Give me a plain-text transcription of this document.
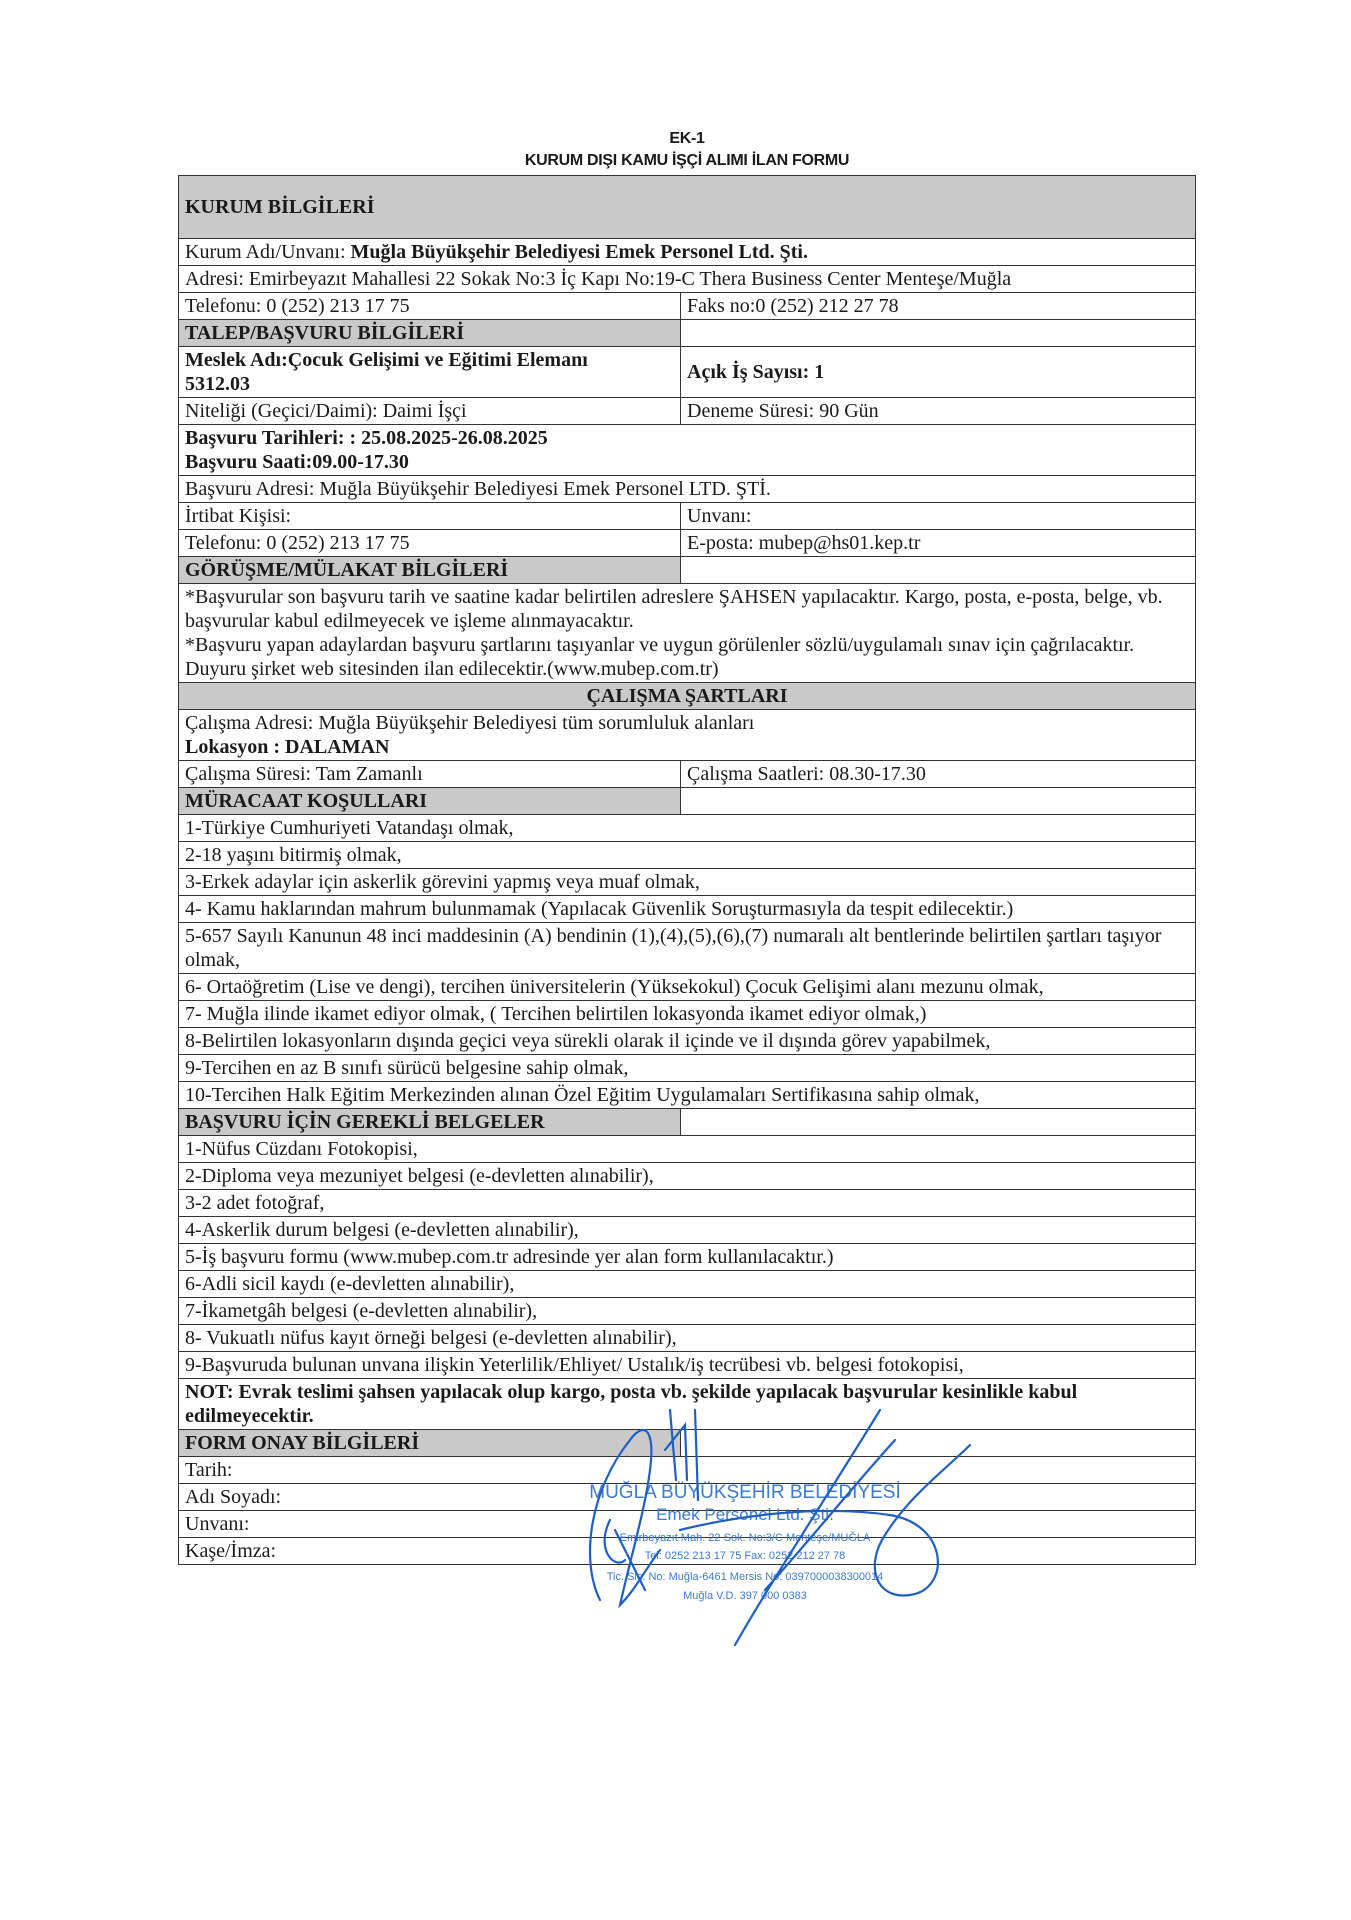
EK-1
KURUM DIŞI KAMU İŞÇİ ALIMI İLAN FORMU
KURUM BİLGİLERİ	
Kurum Adı/Unvanı: Muğla Büyükşehir Belediyesi Emek Personel Ltd. Şti.	
Adresi: Emirbeyazıt Mahallesi 22 Sokak No:3 İç Kapı No:19-C Thera Business Center Menteşe/Muğla	
Telefonu: 0 (252) 213 17 75	Faks no:0 (252) 212 27 78
TALEP/BAŞVURU BİLGİLERİ	
Meslek Adı:Çocuk Gelişimi ve Eğitimi Elemanı
5312.03	Açık İş Sayısı: 1
Niteliği (Geçici/Daimi): Daimi İşçi	Deneme Süresi: 90 Gün
Başvuru Tarihleri: : 25.08.2025-26.08.2025
Başvuru Saati:09.00-17.30	
Başvuru Adresi: Muğla Büyükşehir Belediyesi Emek Personel LTD. ŞTİ.	
İrtibat Kişisi:	Unvanı:
Telefonu: 0 (252) 213 17 75	E-posta: mubep@hs01.kep.tr
GÖRÜŞME/MÜLAKAT BİLGİLERİ	

*Başvurular son başvuru tarih ve saatine kadar belirtilen adreslere ŞAHSEN yapılacaktır. Kargo, posta, e-posta, belge, vb. başvurular kabul edilmeyecek ve işleme alınmayacaktır.
*Başvuru yapan adaylardan başvuru şartlarını taşıyanlar ve uygun görülenler sözlü/uygulamalı sınav için çağrılacaktır. Duyuru şirket web sitesinden ilan edilecektir.(www.mubep.com.tr)	

ÇALIŞMA ŞARTLARI	

Çalışma Adresi: Muğla Büyükşehir Belediyesi tüm sorumluluk alanları
Lokasyon : DALAMAN	
Çalışma Süresi: Tam Zamanlı	Çalışma Saatleri: 08.30-17.30
MÜRACAAT KOŞULLARI	
1-Türkiye Cumhuriyeti Vatandaşı olmak,	
2-18 yaşını bitirmiş olmak,	
3-Erkek adaylar için askerlik görevini yapmış veya muaf olmak,	
4- Kamu haklarından mahrum bulunmamak (Yapılacak Güvenlik Soruşturmasıyla da tespit edilecektir.)	
5-657 Sayılı Kanunun 48 inci maddesinin (A) bendinin (1),(4),(5),(6),(7) numaralı alt bentlerinde belirtilen şartları taşıyor olmak,	
6- Ortaöğretim (Lise ve dengi), tercihen üniversitelerin (Yüksekokul) Çocuk Gelişimi alanı mezunu olmak,	
7- Muğla ilinde ikamet ediyor olmak, ( Tercihen belirtilen lokasyonda ikamet ediyor olmak,)	
8-Belirtilen lokasyonların dışında geçici veya sürekli olarak il içinde ve il dışında görev yapabilmek,	
9-Tercihen en az B sınıfı sürücü belgesine sahip olmak,	
10-Tercihen Halk Eğitim Merkezinden alınan Özel Eğitim Uygulamaları Sertifikasına sahip olmak,	
BAŞVURU İÇİN GEREKLİ BELGELER	
1-Nüfus Cüzdanı Fotokopisi,	
2-Diploma veya mezuniyet belgesi (e-devletten alınabilir),	
3-2 adet fotoğraf,	
4-Askerlik durum belgesi (e-devletten alınabilir),	
5-İş başvuru formu (www.mubep.com.tr adresinde yer alan form kullanılacaktır.)	
6-Adli sicil kaydı (e-devletten alınabilir),	
7-İkametgâh belgesi (e-devletten alınabilir),	
8- Vukuatlı nüfus kayıt örneği belgesi (e-devletten alınabilir),	
9-Başvuruda bulunan unvana ilişkin Yeterlilik/Ehliyet/ Ustalık/iş tecrübesi vb. belgesi fotokopisi,	
NOT: Evrak teslimi şahsen yapılacak olup kargo, posta vb. şekilde yapılacak başvurular kesinlikle kabul edilmeyecektir.	
FORM ONAY BİLGİLERİ	
Tarih:	
Adı Soyadı:	
Unvanı:	
Kaşe/İmza:	
MUĞLA BÜYÜKŞEHİR BELEDİYESİ
Emek Personel Ltd. Şti.
Emirbeyazıt Mah. 22 Sok. No:3/C Menteşe/MUĞLA
Tel: 0252 213 17 75 Fax: 0252 212 27 78
Tic. Sic. No: Muğla-6461 Mersis No: 0397000038300014
Muğla V.D. 397 000 0383
